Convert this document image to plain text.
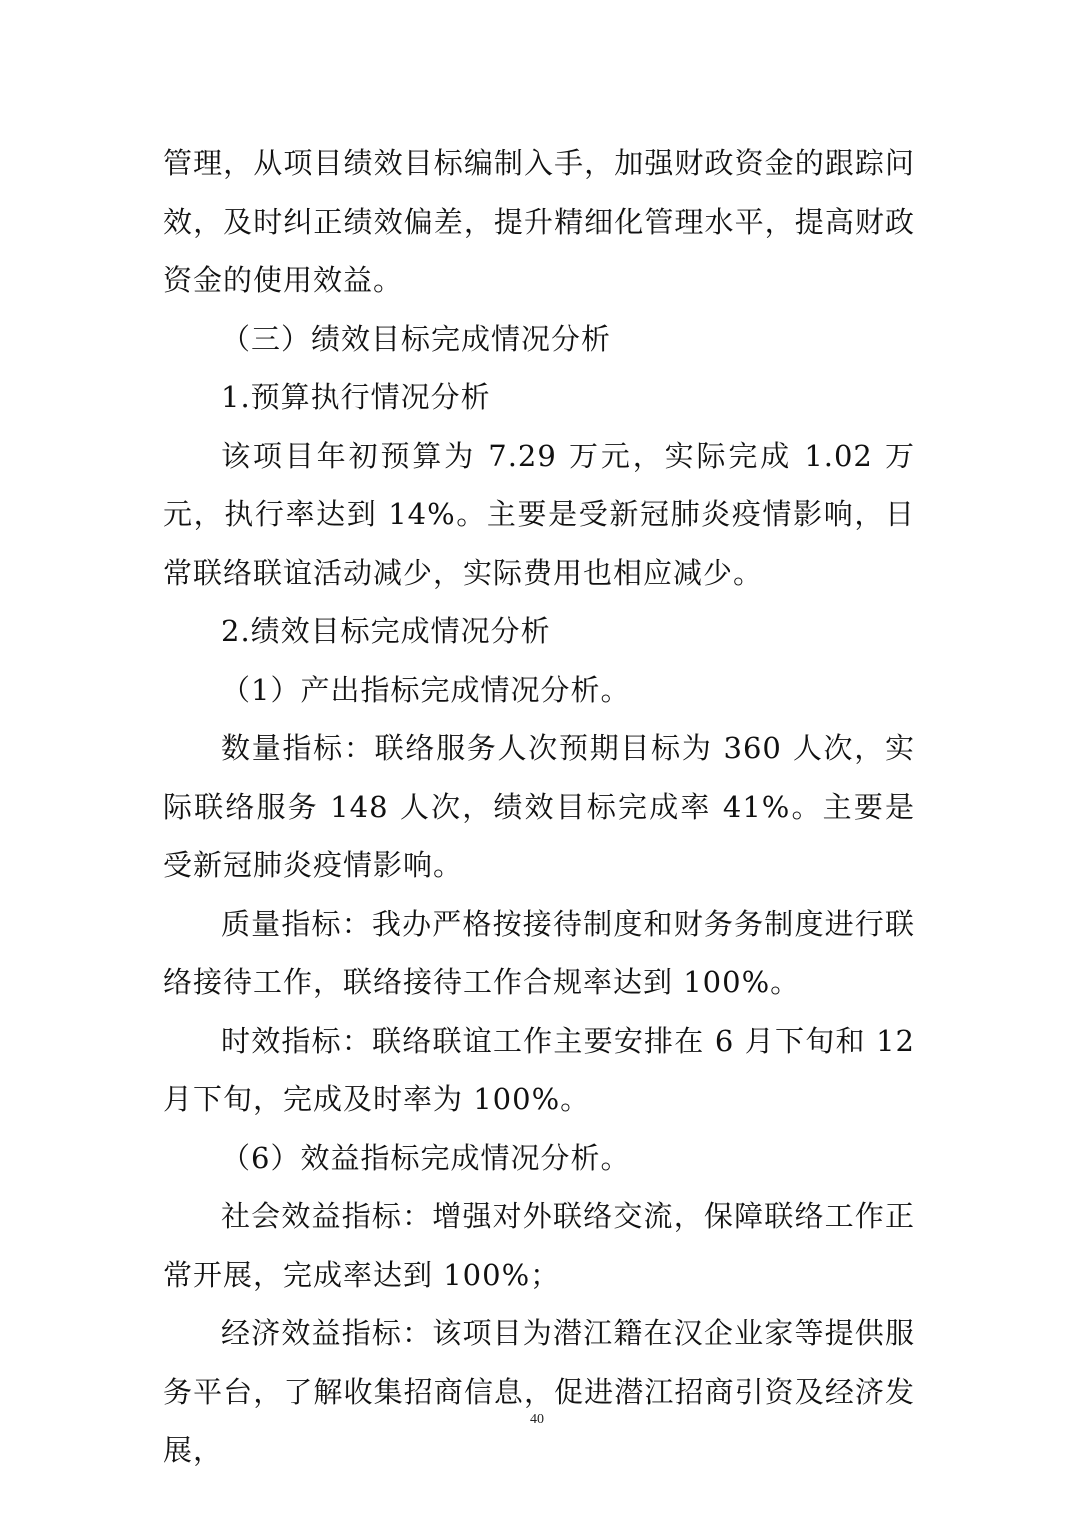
管理，从项目绩效目标编制入手，加强财政资金的跟踪问效，及时纠正绩效偏差，提升精细化管理水平，提高财政资金的使用效益。

（三）绩效目标完成情况分析

1.预算执行情况分析

该项目年初预算为 7.29 万元，实际完成 1.02 万元，执行率达到 14%。主要是受新冠肺炎疫情影响，日常联络联谊活动减少，实际费用也相应减少。

2.绩效目标完成情况分析

（1）产出指标完成情况分析。

数量指标：联络服务人次预期目标为 360 人次，实际联络服务 148 人次，绩效目标完成率 41%。主要是受新冠肺炎疫情影响。

质量指标：我办严格按接待制度和财务务制度进行联络接待工作，联络接待工作合规率达到 100%。

时效指标：联络联谊工作主要安排在 6 月下旬和 12 月下旬，完成及时率为 100%。

（6）效益指标完成情况分析。

社会效益指标：增强对外联络交流，保障联络工作正常开展，完成率达到 100%；

经济效益指标：该项目为潜江籍在汉企业家等提供服务平台，了解收集招商信息，促进潜江招商引资及经济发展，

40
